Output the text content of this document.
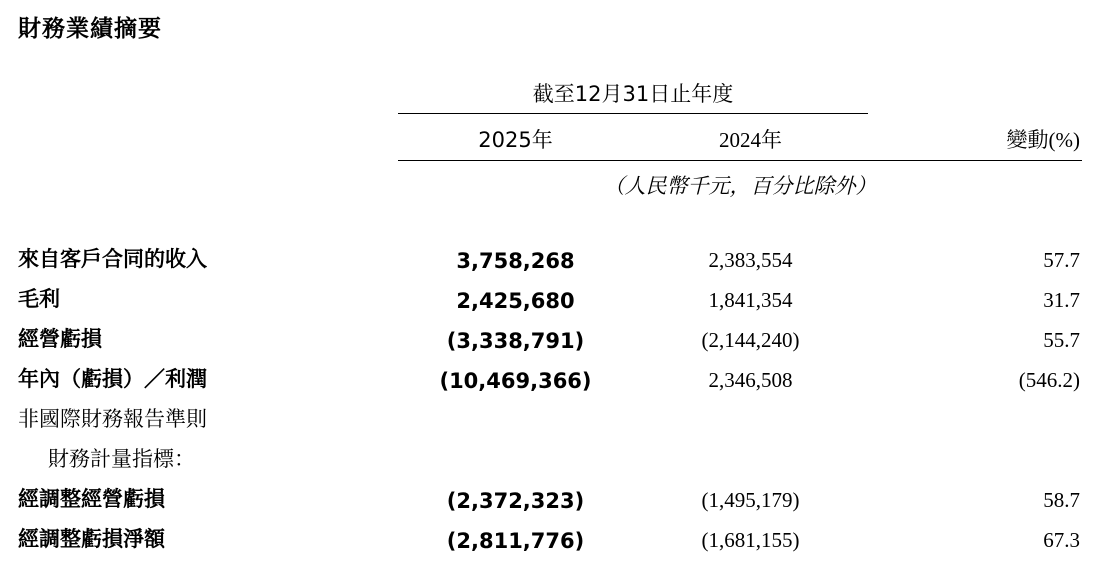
財務業績摘要
	截至12月31日止年度		

	2025年	2024年	變動(%)
	（人民幣千元，百分比除外）		

來自客戶合同的收入	3,758,268	2,383,554	57.7
毛利	2,425,680	1,841,354	31.7
經營虧損	(3,338,791)	(2,144,240)	55.7
年內（虧損）／利潤	(10,469,366)	2,346,508	(546.2)
非國際財務報告準則			
財務計量指標：			
經調整經營虧損	(2,372,323)	(1,495,179)	58.7
經調整虧損淨額	(2,811,776)	(1,681,155)	67.3
